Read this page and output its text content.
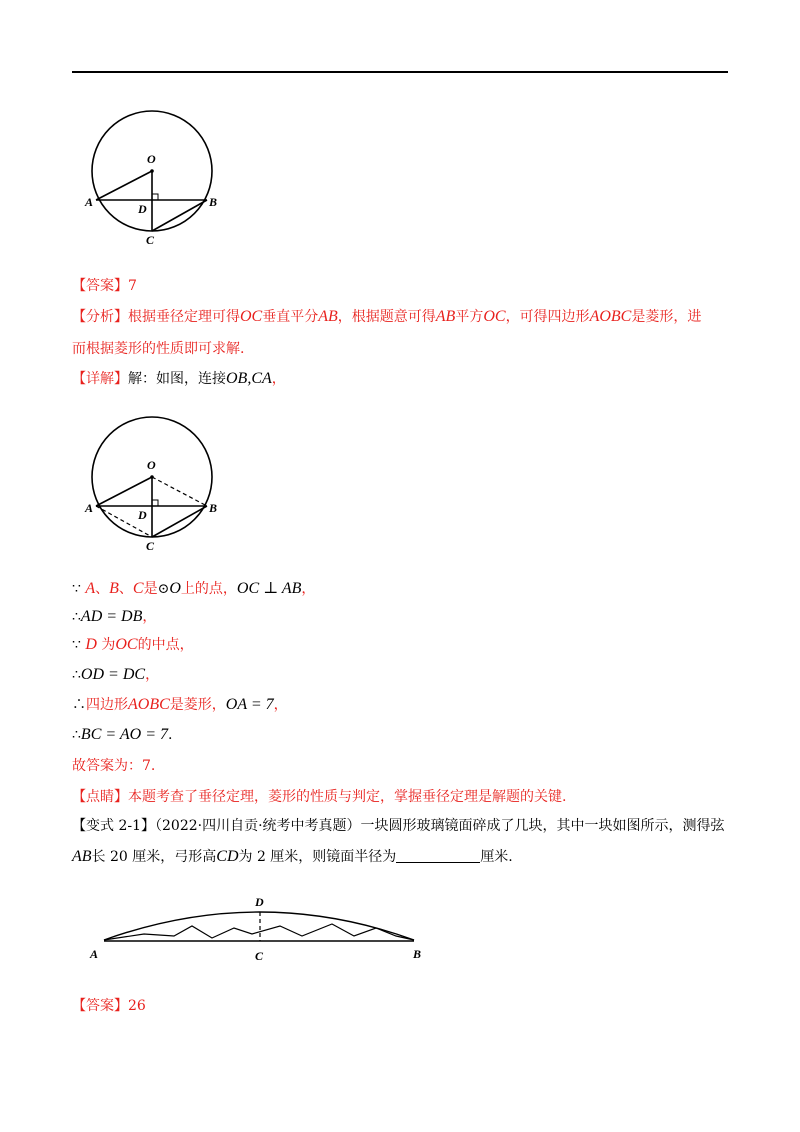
O
A	B
D
C
【答案】7
【分析】根据垂径定理可得OC垂直平分AB，根据题意可得AB平方OC，可得四边形AOBC是菱形，进
而根据菱形的性质即可求解.
【详解】解：如图，连接OB,CA，
O
A	B
D
C
∵ A、B、C是⊙O上的点，OC ⊥ AB，
∴AD = DB，
∵ D 为OC的中点，
∴OD = DC，
∴四边形AOBC是菱形，OA = 7，
∴BC = AO = 7.
故答案为：7.
【点睛】本题考查了垂径定理，菱形的性质与判定，掌握垂径定理是解题的关键.
【变式 2-1】（2022·四川自贡·统考中考真题）一块圆形玻璃镜面碎成了几块，其中一块如图所示，测得弦
AB长 20 厘米，弓形高CD为 2 厘米，则镜面半径为	厘米.
D
A	C	B
【答案】26
